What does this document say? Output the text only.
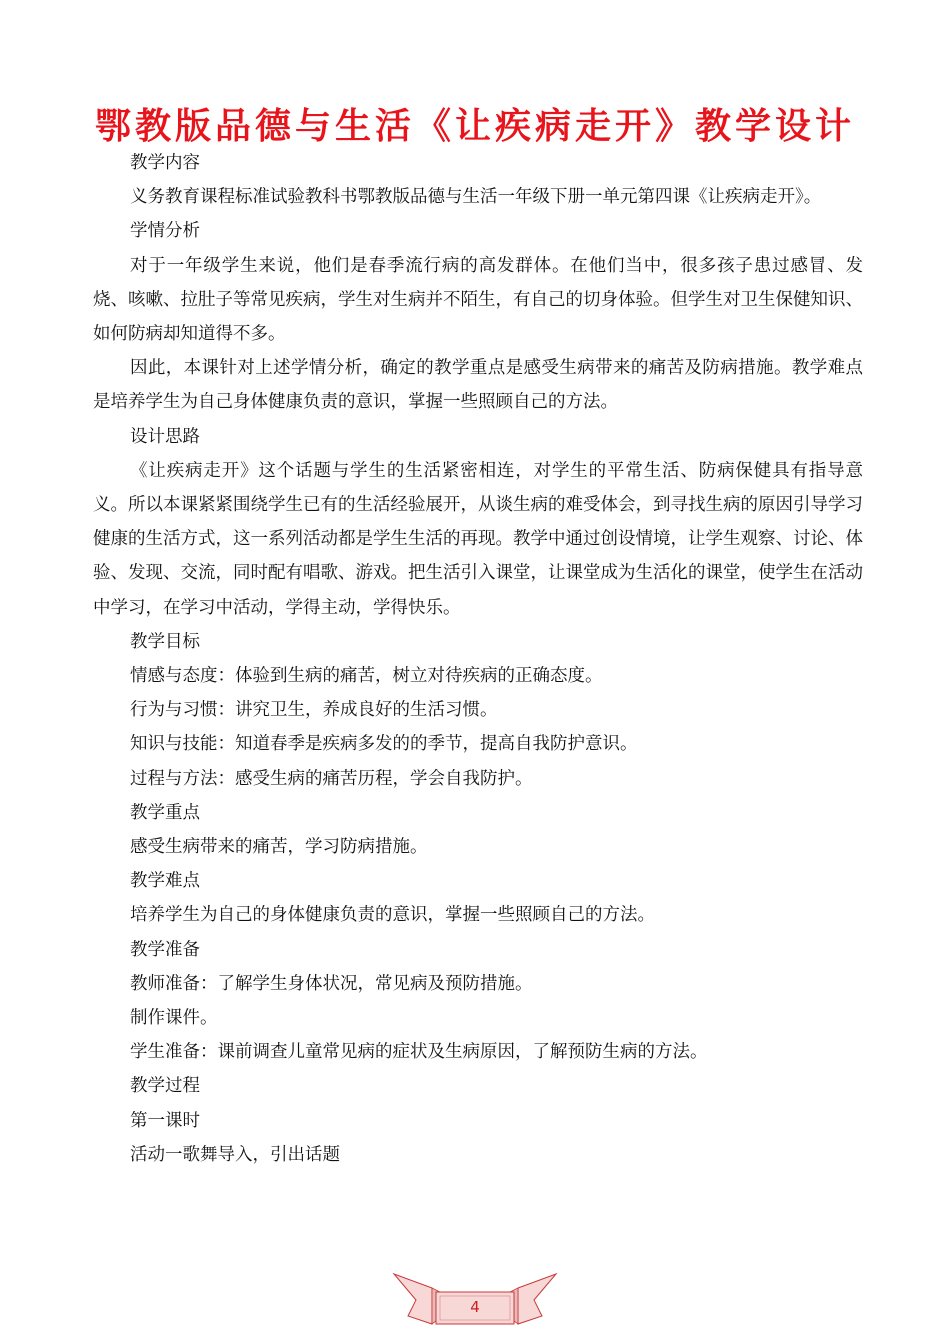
鄂教版品德与生活《让疾病走开》教学设计

教学内容

义务教育课程标准试验教科书鄂教版品德与生活一年级下册一单元第四课《让疾病走开》。

学情分析

对于一年级学生来说，他们是春季流行病的高发群体。在他们当中，很多孩子患过感冒、发烧、咳嗽、拉肚子等常见疾病，学生对生病并不陌生，有自己的切身体验。但学生对卫生保健知识、如何防病却知道得不多。

因此，本课针对上述学情分析，确定的教学重点是感受生病带来的痛苦及防病措施。教学难点是培养学生为自己身体健康负责的意识，掌握一些照顾自己的方法。

设计思路

《让疾病走开》这个话题与学生的生活紧密相连，对学生的平常生活、防病保健具有指导意义。所以本课紧紧围绕学生已有的生活经验展开，从谈生病的难受体会，到寻找生病的原因引导学习健康的生活方式，这一系列活动都是学生生活的再现。教学中通过创设情境，让学生观察、讨论、体验、发现、交流，同时配有唱歌、游戏。把生活引入课堂，让课堂成为生活化的课堂，使学生在活动中学习，在学习中活动，学得主动，学得快乐。

教学目标

情感与态度：体验到生病的痛苦，树立对待疾病的正确态度。

行为与习惯：讲究卫生，养成良好的生活习惯。

知识与技能：知道春季是疾病多发的的季节，提高自我防护意识。

过程与方法：感受生病的痛苦历程，学会自我防护。

教学重点

感受生病带来的痛苦，学习防病措施。

教学难点

培养学生为自己的身体健康负责的意识，掌握一些照顾自己的方法。

教学准备

教师准备：了解学生身体状况，常见病及预防措施。

制作课件。

学生准备：课前调查儿童常见病的症状及生病原因，了解预防生病的方法。

教学过程

第一课时

活动一歌舞导入，引出话题

4
